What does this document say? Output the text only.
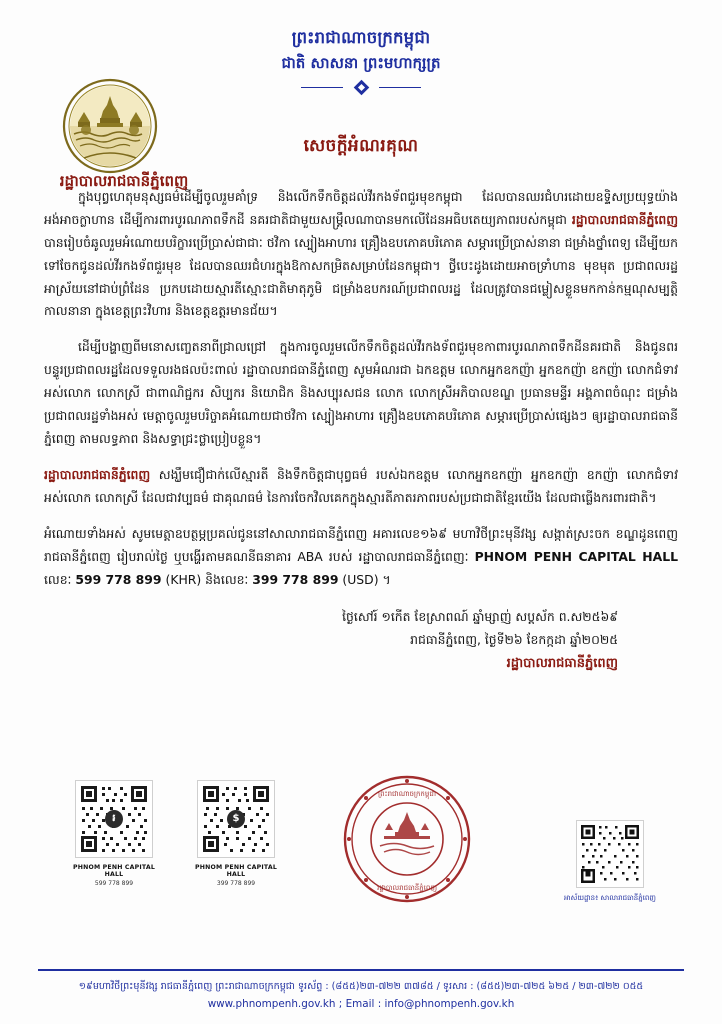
ព្រះរាជាណាចក្រកម្ពុជា
ជាតិ សាសនា ព្រះមហាក្សត្រ
រដ្ឋាបាលរាជធានីភ្នំពេញ
សេចក្តីអំណរគុណ

ក្នុងបុព្វហេតុមនុស្សធម៌ដើម្បីចូលរួមគាំទ្រ និងលើកទឹកចិត្តដល់វីរកងទ័ពជួរមុខកម្ពុជា ដែលបានឈរជំហរដោយឧទ្ទិសប្រយុទ្ធយ៉ាងអង់អាចក្លាហាន ដើម្បីការពារបូរណភាពទឹកដី នគរជាតិជាមួយសម្ត្រឹលណាបានមកលើដែនអធិបតេយ្យភាពរបស់កម្ពុជា រដ្ឋាបាលរាជធានីភ្នំពេញ បានរៀបចំឆូលរួមអំណោយបរិក្ខារប្រើប្រាស់ជាជាៈ ថវិកា ស្បៀងអាហារ គ្រឿងឧបភោគបរិភោគ សម្ភារប្រើប្រាស់នានា ជម្រាំងថ្នាំពេទ្យ ដើម្បីយកទៅចែកជូនដល់វីរកងទ័ពជួរមុខ ដែលបានឈរជំហរក្នុងឱកាសកម្រិតសម្រាប់ដែនកម្ពុជា។ ថ្វីបេះដូងដោយអាចទ្រាំហាន មុខមុត ប្រជាពលរដ្ឋអាស្រ័យនៅជាប់ព្រំដែន ប្រកបដោយស្មារតីស្មោះជាតិមាតុភូមិ ជម្រាំងឧបករណ៍ប្រជាពលរដ្ឋ ដែលត្រូវបានជម្លៀសខ្លួនមកកាន់កម្មណុសម្បត្តិកាលនានា ក្នុងខេត្តព្រះវិហារ និងខេត្តឧត្តរមានជ័យ។

ដើម្បីបង្ហាញពីមនោសញ្ចេតនាពីជ្រាលជ្រៅ ក្នុងការចូលរួមលើកទឹកចិត្តដល់វីរកងទ័ពជួរមុខកាពារបូរណភាពទឹកដីនគរជាតិ និងជូនពរបន្ទូរប្រជាពលរដ្ឋដែលទទួលរងផលប៉ះពាល់ រដ្ឋាបាលរាជធានីភ្នំពេញ សូមអំណរជា ឯកឧត្តម លោកអ្នកឧកញ៉ា អ្នកឧកញ៉ា ឧកញ៉ា លោកជំទាវ អស់លោក លោកស្រី ជាពាណិជ្ជករ សិប្បករ និយោជិក និងសប្បុរសជន លោក លោកស្រីអភិបាលខណ្ឌ ប្រធានមន្ទីរ អង្គភាពចំណុះ ជម្រាំងប្រជាពលរដ្ឋទាំងអស់ មេត្តាចូលរួមបរិច្ចាគអំណោយជាថវិកា ស្បៀងអាហារ គ្រឿងឧបភោគបរិភោគ សម្ភារប្រើប្រាស់ផ្សេងៗ ឲ្យរដ្ឋាបាលរាជធានីភ្នំពេញ តាមលទ្ធភាព និងសទ្ធាជ្រះថ្លាប្រៀបខ្លួន។

រដ្ឋាបាលរាជធានីភ្នំពេញ សង្ឃឹមជឿជាក់លើស្មារតី និងទឹកចិត្តជាបុព្វធម៌ របស់ឯកឧត្តម លោកអ្នកឧកញ៉ា អ្នកឧកញ៉ា ឧកញ៉ា លោកជំទាវ អស់លោក លោកស្រី ដែលជាវប្បធម៌ ជាគុណធម៌ នៃការចែកវិលគេកក្នុងស្មារតីភាតរភាពរបស់ប្រជាជាតិខ្មែរយើង ដែលជាធ្លើងករពារជាតិ។

អំណោយទាំងអស់ សូមមេត្តាឧបត្ថម្ភប្រគល់ជូននៅសាលារាជធានីភ្នំពេញ អគារលេខ១៦៩ មហាវិថីព្រះមុនីវង្ស សង្កាត់ស្រះចក ខណ្ឌដូនពេញ រាជធានីភ្នំពេញ រៀបរាល់ថ្ងៃ ឬបង្ហើរតាមគណនីធនាគារ ABA របស់ រដ្ឋាបាលរាជធានីភ្នំពេញៈ PHNOM PENH CAPITAL HALL លេខៈ 599 778 899 (KHR) និងលេខៈ 399 778 899 (USD) ។

ថ្ងៃសៅរ៍ ១កើត ខែស្រាពណ៍ ឆ្នាំម្សាញ់ សប្តស័ក ព.ស២៥៦៩
រាជធានីភ្នំពេញ, ថ្ងៃទី២៦ ខែកក្កដា ឆ្នាំ២០២៥
រដ្ឋាបាលរាជធានីភ្នំពេញ
ព្រះរាជាណាចក្រកម្ពុជា
រដ្ឋាបាលរាជធានីភ្នំពេញ
៛
PHNOM PENH CAPITAL HALL
599 778 899
$
PHNOM PENH CAPITAL HALL
399 778 899
អាស័យដ្ឋាន៖ សាលារាជធានីភ្នំពេញ
១៩មហាវិថីព្រះមុនីវង្ស រាជធានីភ្នំពេញ ព្រះរាជាណាចក្រកម្ពុជា ទូរស័ព្ទ : (៨៥៥)២៣-៧២២ ៣៧៨៥ / ទូរសារ : (៨៥៥)២៣-៧២៥ ៦២៥ / ២៣-៧២២ ០៥៥
www.phnompenh.gov.kh ; Email : info@phnompenh.gov.kh
